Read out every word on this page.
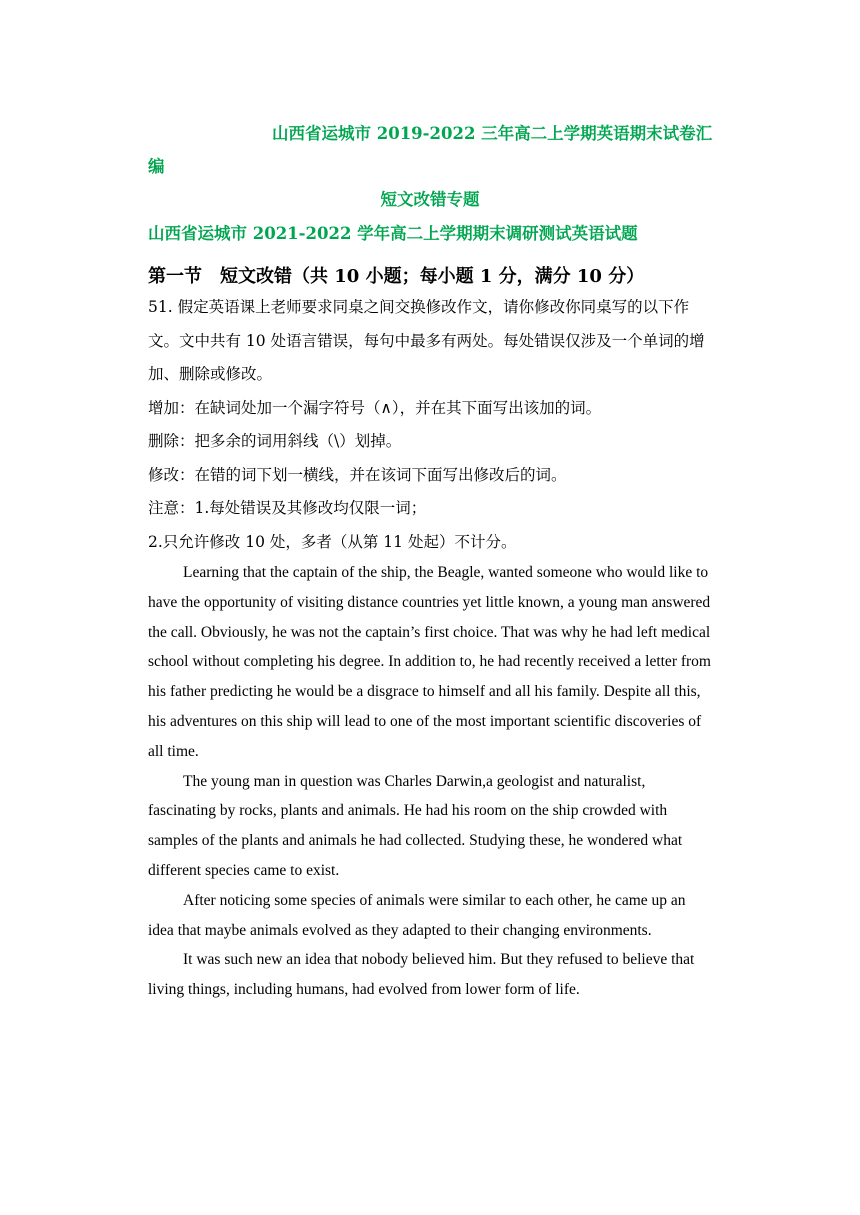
山西省运城市 2019-2022 三年高二上学期英语期末试卷汇
编
短文改错专题
山西省运城市 2021-2022 学年高二上学期期末调研测试英语试题
第一节　短文改错（共 10 小题；每小题 1 分，满分 10 分）

51. 假定英语课上老师要求同桌之间交换修改作文，请你修改你同桌写的以下作文。文中共有 10 处语言错误，每句中最多有两处。每处错误仅涉及一个单词的增加、删除或修改。

增加：在缺词处加一个漏字符号（∧），并在其下面写出该加的词。

删除：把多余的词用斜线（\）划掉。

修改：在错的词下划一横线，并在该词下面写出修改后的词。

注意：1.每处错误及其修改均仅限一词；

2.只允许修改 10 处，多者（从第 11 处起）不计分。

Learning that the captain of the ship, the Beagle, wanted someone who would like to have the opportunity of visiting distance countries yet little known, a young man answered the call. Obviously, he was not the captain’s first choice. That was why he had left medical school without completing his degree. In addition to, he had recently received a letter from his father predicting he would be a disgrace to himself and all his family. Despite all this, his adventures on this ship will lead to one of the most important scientific discoveries of all time.

The young man in question was Charles Darwin,a geologist and naturalist, fascinating by rocks, plants and animals. He had his room on the ship crowded with samples of the plants and animals he had collected. Studying these, he wondered what different species came to exist.

After noticing some species of animals were similar to each other, he came up an idea that maybe animals evolved as they adapted to their changing environments.

It was such new an idea that nobody believed him. But they refused to believe that living things, including humans, had evolved from lower form of life.
